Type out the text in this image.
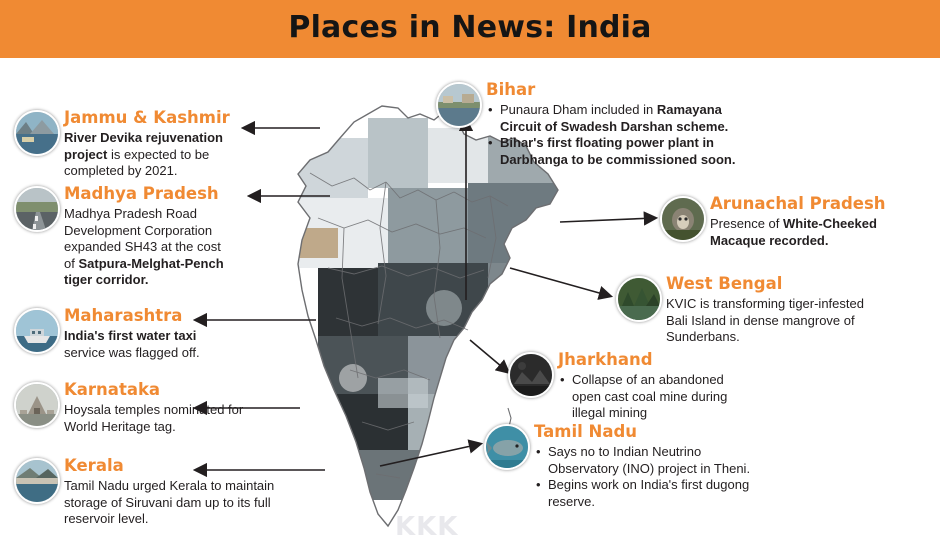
Places in News: India
Jammu & Kashmir
River Devika rejuvenation
project is expected to be
completed by 2021.
Madhya Pradesh
Madhya Pradesh Road
Development Corporation
expanded SH43 at the cost
of Satpura-Melghat-Pench
tiger corridor.
Maharashtra
India's first water taxi
service was flagged off.
Karnataka
Hoysala temples nominated for
World Heritage tag.
Kerala
Tamil Nadu urged Kerala to maintain
storage of Siruvani dam up to its full
reservoir level.
Bihar
• Punaura Dham included in Ramayana
Circuit of Swadesh Darshan scheme.
• Bihar's first floating power plant in
Darbhanga to be commissioned soon.
Arunachal Pradesh
Presence of White-Cheeked
Macaque recorded.
West Bengal
KVIC is transforming tiger-infested
Bali Island in dense mangrove of
Sunderbans.
Jharkhand
• Collapse of an abandoned
open cast coal mine during
illegal mining
Tamil Nadu
• Says no to Indian Neutrino
Observatory (INO) project in Theni.
• Begins work on India's first dugong
reserve.
KKK
